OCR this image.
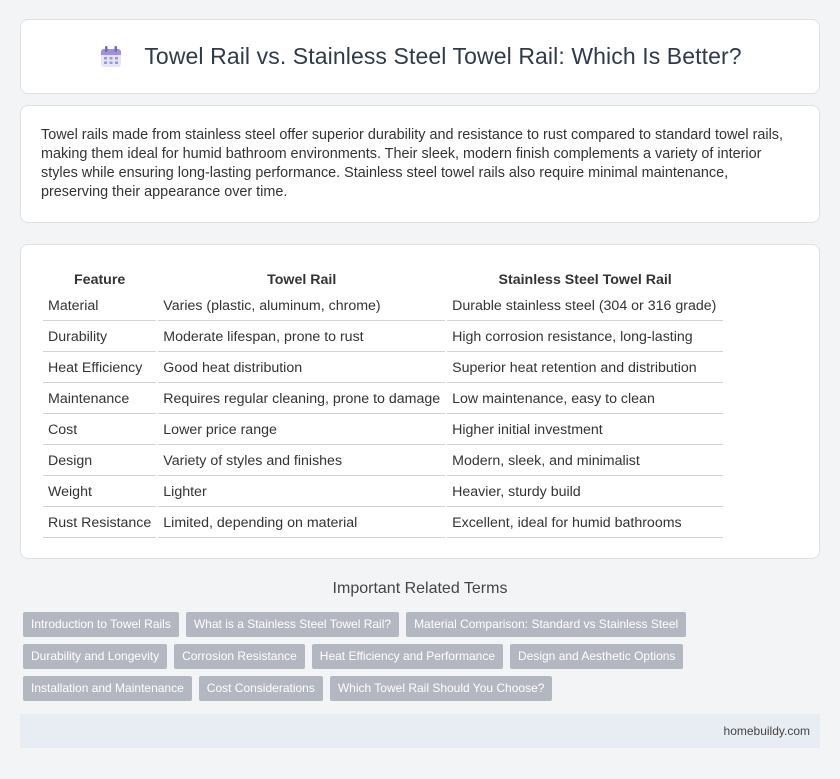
Towel Rail vs. Stainless Steel Towel Rail: Which Is Better?

Towel rails made from stainless steel offer superior durability and resistance to rust compared to standard towel rails, making them ideal for humid bathroom environments. Their sleek, modern finish complements a variety of interior styles while ensuring long-lasting performance. Stainless steel towel rails also require minimal maintenance, preserving their appearance over time.

Feature	Towel Rail	Stainless Steel Towel Rail
Material	Varies (plastic, aluminum, chrome)	Durable stainless steel (304 or 316 grade)
Durability	Moderate lifespan, prone to rust	High corrosion resistance, long-lasting
Heat Efficiency	Good heat distribution	Superior heat retention and distribution
Maintenance	Requires regular cleaning, prone to damage	Low maintenance, easy to clean
Cost	Lower price range	Higher initial investment
Design	Variety of styles and finishes	Modern, sleek, and minimalist
Weight	Lighter	Heavier, sturdy build
Rust Resistance	Limited, depending on material	Excellent, ideal for humid bathrooms
Important Related Terms
Introduction to Towel Rails	What is a Stainless Steel Towel Rail?	Material Comparison: Standard vs Stainless Steel
Durability and Longevity	Corrosion Resistance	Heat Efficiency and Performance	Design and Aesthetic Options
Installation and Maintenance	Cost Considerations	Which Towel Rail Should You Choose?
homebuildy.com
